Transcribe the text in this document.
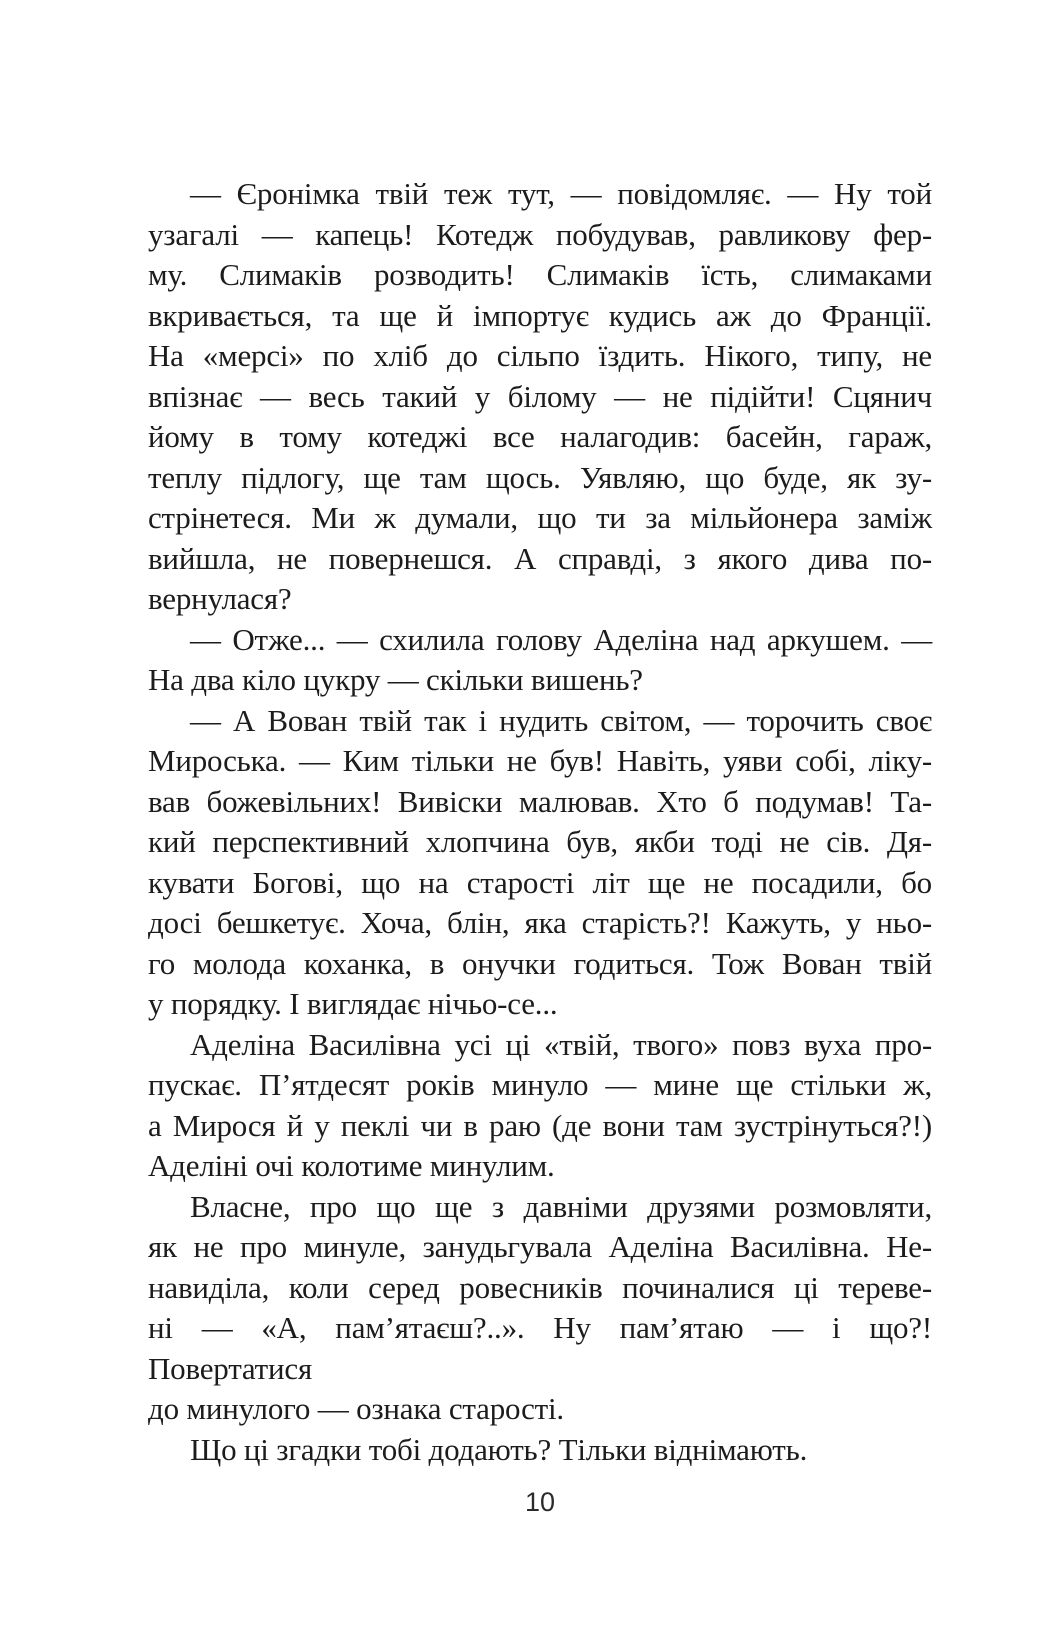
— Єронімка твій теж тут, — повідомляє. — Ну той
узагалі — капець! Котедж побудував, равликову фер-
му. Слимаків розводить! Слимаків їсть, слимаками
вкривається, та ще й імпортує кудись аж до Франції.
На «мерсі» по хліб до сільпо їздить. Нікого, типу, не
впізнає — весь такий у білому — не підійти! Сцянич
йому в тому котеджі все налагодив: басейн, гараж,
теплу підлогу, ще там щось. Уявляю, що буде, як зу-
стрінетеся. Ми ж думали, що ти за мільйонера заміж
вийшла, не повернешся. А справді, з якого дива по-
вернулася?
— Отже... — схилила голову Аделіна над аркушем. —
На два кіло цукру — скільки вишень?
— А Вован твій так і нудить світом, — торочить своє
Мироська. — Ким тільки не був! Навіть, уяви собі, ліку-
вав божевільних! Вивіски малював. Хто б подумав! Та-
кий перспективний хлопчина був, якби тоді не сів. Дя-
кувати Богові, що на старості літ ще не посадили, бо
досі бешкетує. Хоча, блін, яка старість?! Кажуть, у ньо-
го молода коханка, в онучки годиться. Тож Вован твій
у порядку. І виглядає нічьо-се...
Аделіна Василівна усі ці «твій, твого» повз вуха про-
пускає. П’ятдесят років минуло — мине ще стільки ж,
а Мирося й у пеклі чи в раю (де вони там зустрінуться?!)
Аделіні очі колотиме минулим.
Власне, про що ще з давніми друзями розмовляти,
як не про минуле, занудьгувала Аделіна Василівна. Не-
навиділа, коли серед ровесників починалися ці тереве-
ні — «А, пам’ятаєш?..». Ну пам’ятаю — і що?! Повертатися
до минулого — ознака старості.
Що ці згадки тобі додають? Тільки віднімають.
10
